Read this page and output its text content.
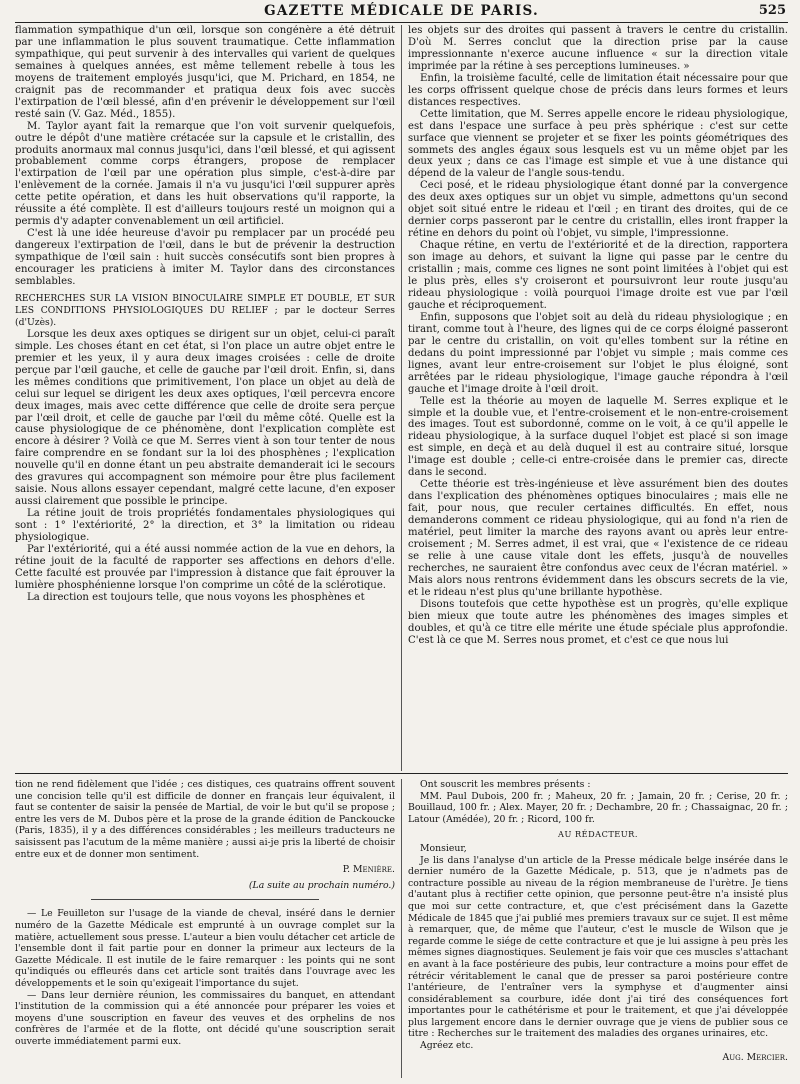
GAZETTE MÉDICALE DE PARIS.	525

flammation sympathique d'un œil, lorsque son congénère a été détruit par une inflammation le plus souvent traumatique. Cette inflammation sympathique, qui peut survenir à des intervalles qui varient de quelques semaines à quelques années, est même tellement rebelle à tous les moyens de traitement employés jusqu'ici, que M. Prichard, en 1854, ne craignit pas de recommander et pratiqua deux fois avec succès l'extirpation de l'œil blessé, afin d'en prévenir le développement sur l'œil resté sain (V. Gaz. Méd., 1855).

M. Taylor ayant fait la remarque que l'on voit survenir quelquefois, outre le dépôt d'une matière crétacée sur la capsule et le cristallin, des produits anormaux mal connus jusqu'ici, dans l'œil blessé, et qui agissent probablement comme corps étrangers, propose de remplacer l'extirpation de l'œil par une opération plus simple, c'est-à-dire par l'enlèvement de la cornée. Jamais il n'a vu jusqu'ici l'œil suppurer après cette petite opération, et dans les huit observations qu'il rapporte, la réussite a été complète. Il est d'ailleurs toujours resté un moignon qui a permis d'y adapter convenablement un œil artificiel.

C'est là une idée heureuse d'avoir pu remplacer par un procédé peu dangereux l'extirpation de l'œil, dans le but de prévenir la destruction sympathique de l'œil sain : huit succès consécutifs sont bien propres à encourager les praticiens à imiter M. Taylor dans des circonstances semblables.

RECHERCHES SUR LA VISION BINOCULAIRE SIMPLE ET DOUBLE, ET SUR LES CONDITIONS PHYSIOLOGIQUES DU RELIEF ; par le docteur Serres (d'Uzès).

Lorsque les deux axes optiques se dirigent sur un objet, celui-ci paraît simple. Les choses étant en cet état, si l'on place un autre objet entre le premier et les yeux, il y aura deux images croisées : celle de droite perçue par l'œil gauche, et celle de gauche par l'œil droit. Enfin, si, dans les mêmes conditions que primitivement, l'on place un objet au delà de celui sur lequel se dirigent les deux axes optiques, l'œil percevra encore deux images, mais avec cette différence que celle de droite sera perçue par l'œil droit, et celle de gauche par l'œil du même côté. Quelle est la cause physiologique de ce phénomène, dont l'explication complète est encore à désirer ? Voilà ce que M. Serres vient à son tour tenter de nous faire comprendre en se fondant sur la loi des phosphènes ; l'explication nouvelle qu'il en donne étant un peu abstraite demanderait ici le secours des gravures qui accompagnent son mémoire pour être plus facilement saisie. Nous allons essayer cependant, malgré cette lacune, d'en exposer aussi clairement que possible le principe.

La rétine jouit de trois propriétés fondamentales physiologiques qui sont : 1° l'extériorité, 2° la direction, et 3° la limitation ou rideau physiologique.

Par l'extériorité, qui a été aussi nommée action de la vue en dehors, la rétine jouit de la faculté de rapporter ses affections en dehors d'elle. Cette faculté est prouvée par l'impression à distance que fait éprouver la lumière phosphénienne lorsque l'on comprime un côté de la sclérotique.

La direction est toujours telle, que nous voyons les phosphènes et

les objets sur des droites qui passent à travers le centre du cristallin. D'où M. Serres conclut que la direction prise par la cause impressionnante n'exerce aucune influence « sur la direction vitale imprimée par la rétine à ses perceptions lumineuses. »

Enfin, la troisième faculté, celle de limitation était nécessaire pour que les corps offrissent quelque chose de précis dans leurs formes et leurs distances respectives.

Cette limitation, que M. Serres appelle encore le rideau physiologique, est dans l'espace une surface à peu près sphérique : c'est sur cette surface que viennent se projeter et se fixer les points géométriques des sommets des angles égaux sous lesquels est vu un même objet par les deux yeux ; dans ce cas l'image est simple et vue à une distance qui dépend de la valeur de l'angle sous-tendu.

Ceci posé, et le rideau physiologique étant donné par la convergence des deux axes optiques sur un objet vu simple, admettons qu'un second objet soit situé entre le rideau et l'œil ; en tirant des droites, qui de ce dernier corps passeront par le centre du cristallin, elles iront frapper la rétine en dehors du point où l'objet, vu simple, l'impressionne.

Chaque rétine, en vertu de l'extériorité et de la direction, rapportera son image au dehors, et suivant la ligne qui passe par le centre du cristallin ; mais, comme ces lignes ne sont point limitées à l'objet qui est le plus près, elles s'y croiseront et poursuivront leur route jusqu'au rideau physiologique : voilà pourquoi l'image droite est vue par l'œil gauche et réciproquement.

Enfin, supposons que l'objet soit au delà du rideau physiologique ; en tirant, comme tout à l'heure, des lignes qui de ce corps éloigné passeront par le centre du cristallin, on voit qu'elles tombent sur la rétine en dedans du point impressionné par l'objet vu simple ; mais comme ces lignes, avant leur entre-croisement sur l'objet le plus éloigné, sont arrêtées par le rideau physiologique, l'image gauche répondra à l'œil gauche et l'image droite à l'œil droit.

Telle est la théorie au moyen de laquelle M. Serres explique et le simple et la double vue, et l'entre-croisement et le non-entre-croisement des images. Tout est subordonné, comme on le voit, à ce qu'il appelle le rideau physiologique, à la surface duquel l'objet est placé si son image est simple, en deçà et au delà duquel il est au contraire situé, lorsque l'image est double ; celle-ci entre-croisée dans le premier cas, directe dans le second.

Cette théorie est très-ingénieuse et lève assurément bien des doutes dans l'explication des phénomènes optiques binoculaires ; mais elle ne fait, pour nous, que reculer certaines difficultés. En effet, nous demanderons comment ce rideau physiologique, qui au fond n'a rien de matériel, peut limiter la marche des rayons avant ou après leur entre-croisement ; M. Serres admet, il est vrai, que « l'existence de ce rideau se relie à une cause vitale dont les effets, jusqu'à de nouvelles recherches, ne sauraient être confondus avec ceux de l'écran matériel. » Mais alors nous rentrons évidemment dans les obscurs secrets de la vie, et le rideau n'est plus qu'une brillante hypothèse.

Disons toutefois que cette hypothèse est un progrès, qu'elle explique bien mieux que toute autre les phénomènes des images simples et doubles, et qu'à ce titre elle mérite une étude spéciale plus approfondie. C'est là ce que M. Serres nous promet, et c'est ce que nous lui

tion ne rend fidèlement que l'idée ; ces distiques, ces quatrains offrent souvent une concision telle qu'il est difficile de donner en français leur équivalent, il faut se contenter de saisir la pensée de Martial, de voir le but qu'il se propose ; entre les vers de M. Dubos père et la prose de la grande édition de Panckoucke (Paris, 1835), il y a des différences considérables ; les meilleurs traducteurs ne saisissent pas l'acutum de la même manière ; aussi ai-je pris la liberté de choisir entre eux et de donner mon sentiment.

P. Menière.

(La suite au prochain numéro.)

— Le Feuilleton sur l'usage de la viande de cheval, inséré dans le dernier numéro de la Gazette Médicale est emprunté à un ouvrage complet sur la matière, actuellement sous presse. L'auteur a bien voulu détacher cet article de l'ensemble dont il fait partie pour en donner la primeur aux lecteurs de la Gazette Médicale. Il est inutile de le faire remarquer : les points qui ne sont qu'indiqués ou effleurés dans cet article sont traités dans l'ouvrage avec les développements et le soin qu'exigeait l'importance du sujet.

— Dans leur dernière réunion, les commissaires du banquet, en attendant l'institution de la commission qui a été annoncée pour préparer les voies et moyens d'une souscription en faveur des veuves et des orphelins de nos confrères de l'armée et de la flotte, ont décidé qu'une souscription serait ouverte immédiatement parmi eux.

Ont souscrit les membres présents :

MM. Paul Dubois, 200 fr. ; Maheux, 20 fr. ; Jamain, 20 fr. ; Cerise, 20 fr. ; Bouillaud, 100 fr. ; Alex. Mayer, 20 fr. ; Dechambre, 20 fr. ; Chassaignac, 20 fr. ; Latour (Amédée), 20 fr. ; Ricord, 100 fr.

AU RÉDACTEUR.

Monsieur,

Je lis dans l'analyse d'un article de la Presse médicale belge insérée dans le dernier numéro de la Gazette Médicale, p. 513, que je n'admets pas de contracture possible au niveau de la région membraneuse de l'urètre. Je tiens d'autant plus à rectifier cette opinion, que personne peut-être n'a insisté plus que moi sur cette contracture, et, que c'est précisément dans la Gazette Médicale de 1845 que j'ai publié mes premiers travaux sur ce sujet. Il est même à remarquer, que, de même que l'auteur, c'est le muscle de Wilson que je regarde comme le siége de cette contracture et que je lui assigne à peu près les mêmes signes diagnostiques. Seulement je fais voir que ces muscles s'attachant en avant à la face postérieure des pubis, leur contracture a moins pour effet de rétrécir véritablement le canal que de presser sa paroi postérieure contre l'antérieure, de l'entraîner vers la symphyse et d'augmenter ainsi considérablement sa courbure, idée dont j'ai tiré des conséquences fort importantes pour le cathétérisme et pour le traitement, et que j'ai développée plus largement encore dans le dernier ouvrage que je viens de publier sous ce titre : Recherches sur le traitement des maladies des organes urinaires, etc.

Agréez etc.

Aug. Mercier.
